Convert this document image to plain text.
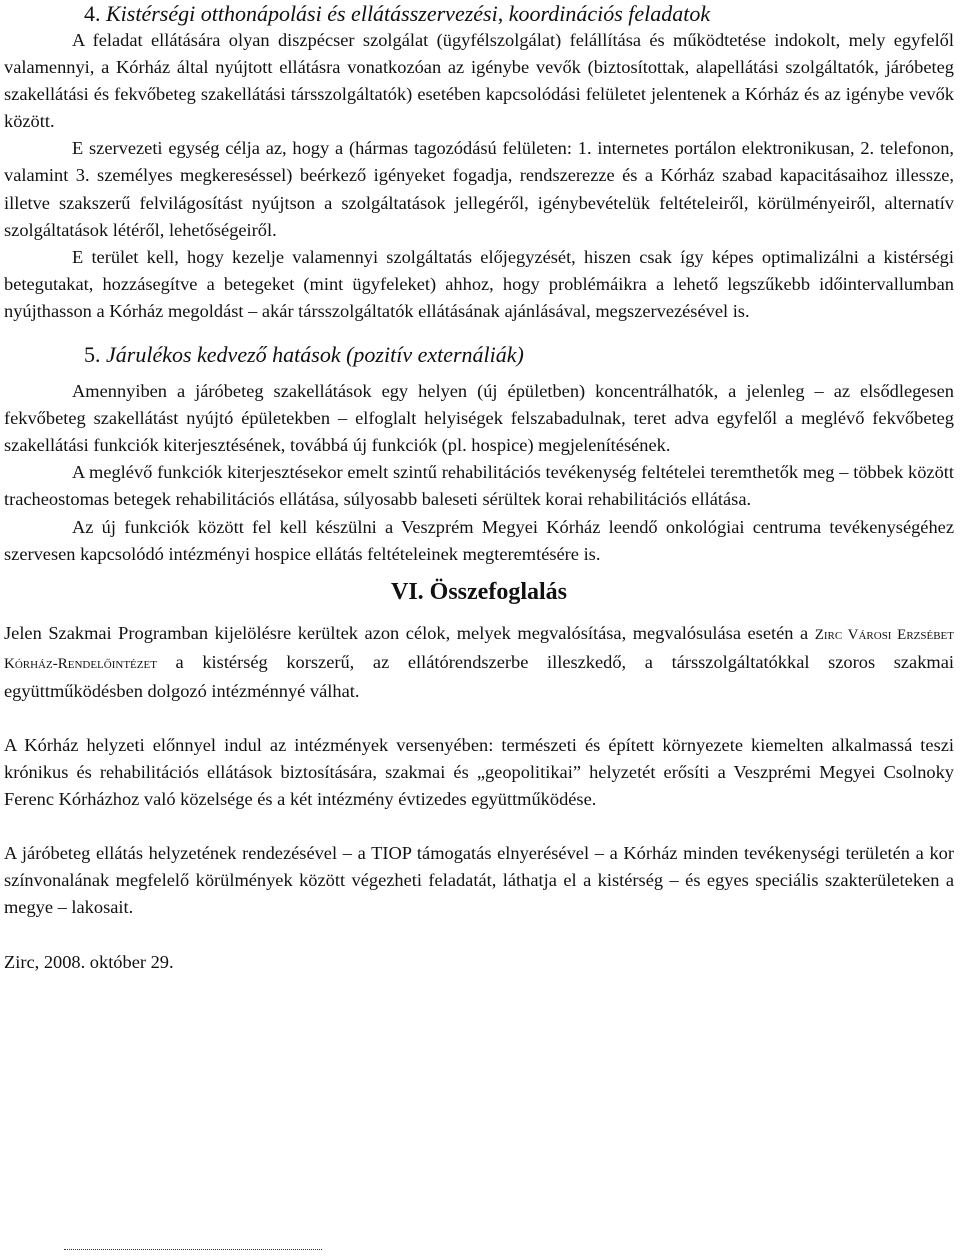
4. Kistérségi otthonápolási és ellátásszervezési, koordinációs feladatok

A feladat ellátására olyan diszpécser szolgálat (ügyfélszolgálat) felállítása és működtetése indokolt, mely egyfelől valamennyi, a Kórház által nyújtott ellátásra vonatkozóan az igénybe vevők (biztosítottak, alapellátási szolgáltatók, járóbeteg szakellátási és fekvőbeteg szakellátási társszolgáltatók) esetében kapcsolódási felületet jelentenek a Kórház és az igénybe vevők között.

E szervezeti egység célja az, hogy a (hármas tagozódású felületen: 1. internetes portálon elektronikusan, 2. telefonon, valamint 3. személyes megkereséssel) beérkező igényeket fogadja, rendszerezze és a Kórház szabad kapacitásaihoz illessze, illetve szakszerű felvilágosítást nyújtson a szolgáltatások jellegéről, igénybevételük feltételeiről, körülményeiről, alternatív szolgáltatások létéről, lehetőségeiről.

E terület kell, hogy kezelje valamennyi szolgáltatás előjegyzését, hiszen csak így képes optimalizálni a kistérségi betegutakat, hozzásegítve a betegeket (mint ügyfeleket) ahhoz, hogy problémáikra a lehető legszűkebb időintervallumban nyújthasson a Kórház megoldást – akár társszolgáltatók ellátásának ajánlásával, megszervezésével is.

5. Járulékos kedvező hatások (pozitív externáliák)

Amennyiben a járóbeteg szakellátások egy helyen (új épületben) koncentrálhatók, a jelenleg – az elsődlegesen fekvőbeteg szakellátást nyújtó épületekben – elfoglalt helyiségek felszabadulnak, teret adva egyfelől a meglévő fekvőbeteg szakellátási funkciók kiterjesztésének, továbbá új funkciók (pl. hospice) megjelenítésének.

A meglévő funkciók kiterjesztésekor emelt szintű rehabilitációs tevékenység feltételei teremthetők meg – többek között tracheostomas betegek rehabilitációs ellátása, súlyosabb baleseti sérültek korai rehabilitációs ellátása.

Az új funkciók között fel kell készülni a Veszprém Megyei Kórház leendő onkológiai centruma tevékenységéhez szervesen kapcsolódó intézményi hospice ellátás feltételeinek megteremtésére is.

VI. Összefoglalás

Jelen Szakmai Programban kijelölésre kerültek azon célok, melyek megvalósítása, megvalósulása esetén a Zirc Városi Erzsébet Kórház-Rendelőintézet a kistérség korszerű, az ellátórendszerbe illeszkedő, a társszolgáltatókkal szoros szakmai együttműködésben dolgozó intézménnyé válhat.

A Kórház helyzeti előnnyel indul az intézmények versenyében: természeti és épített környezete kiemelten alkalmassá teszi krónikus és rehabilitációs ellátások biztosítására, szakmai és „geopolitikai” helyzetét erősíti a Veszprémi Megyei Csolnoky Ferenc Kórházhoz való közelsége és a két intézmény évtizedes együttműködése.

A járóbeteg ellátás helyzetének rendezésével – a TIOP támogatás elnyerésével – a Kórház minden tevékenységi területén a kor színvonalának megfelelő körülmények között végezheti feladatát, láthatja el a kistérség – és egyes speciális szakterületeken a megye – lakosait.

Zirc, 2008. október 29.
